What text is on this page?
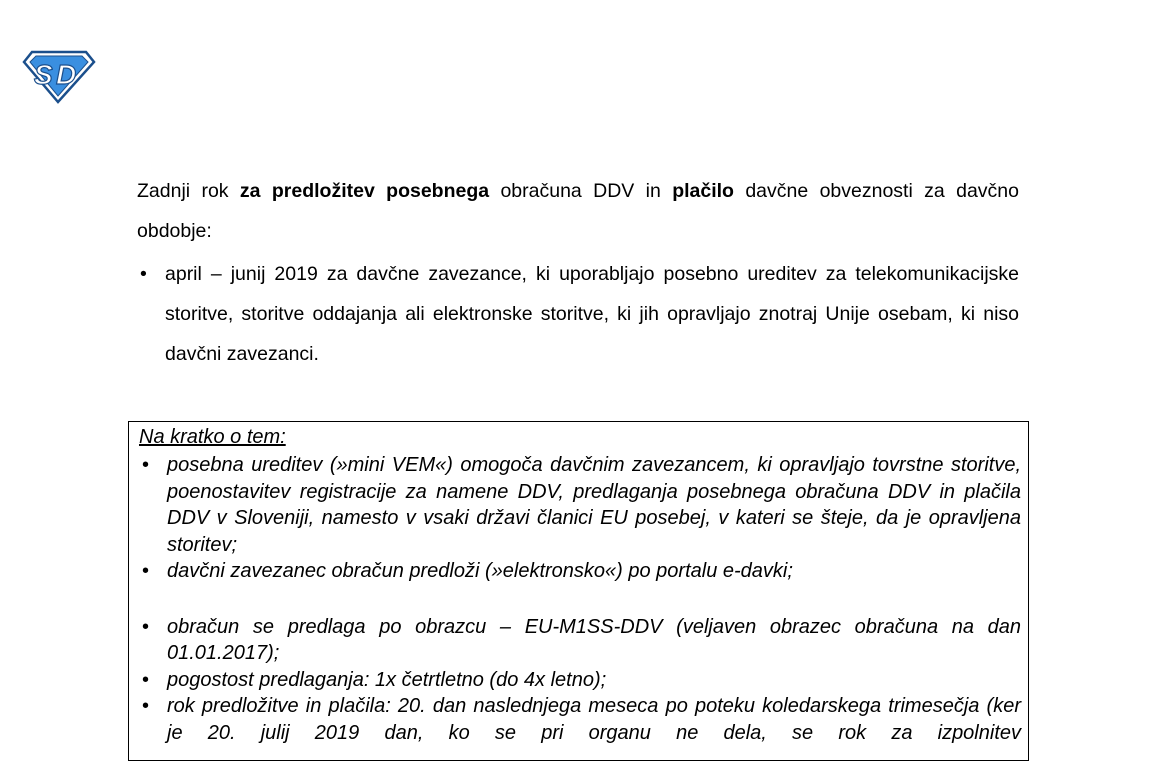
S D

Zadnji rok za predložitev posebnega obračuna DDV in plačilo davčne obveznosti za davčno obdobje:

• april – junij 2019 za davčne zavezance, ki uporabljajo posebno ureditev za telekomunikacijske storitve, storitve oddajanja ali elektronske storitve, ki jih opravljajo znotraj Unije osebam, ki niso davčni zavezanci.

Na kratko o tem:

• posebna ureditev (»mini VEM«) omogoča davčnim zavezancem, ki opravljajo tovrstne storitve, poenostavitev registracije za namene DDV, predlaganja posebnega obračuna DDV in plačila DDV v Sloveniji, namesto v vsaki državi članici EU posebej, v kateri se šteje, da je opravljena storitev;
• davčni zavezanec obračun predloži (»elektronsko«) po portalu e-davki;
• obračun se predlaga po obrazcu – EU-M1SS-DDV (veljaven obrazec obračuna na dan 01.01.2017);
• pogostost predlaganja: 1x četrtletno (do 4x letno);
• rok predložitve in plačila: 20. dan naslednjega meseca po poteku koledarskega trimesečja (ker je 20. julij 2019 dan, ko se pri organu ne dela, se rok za izpolnitev
